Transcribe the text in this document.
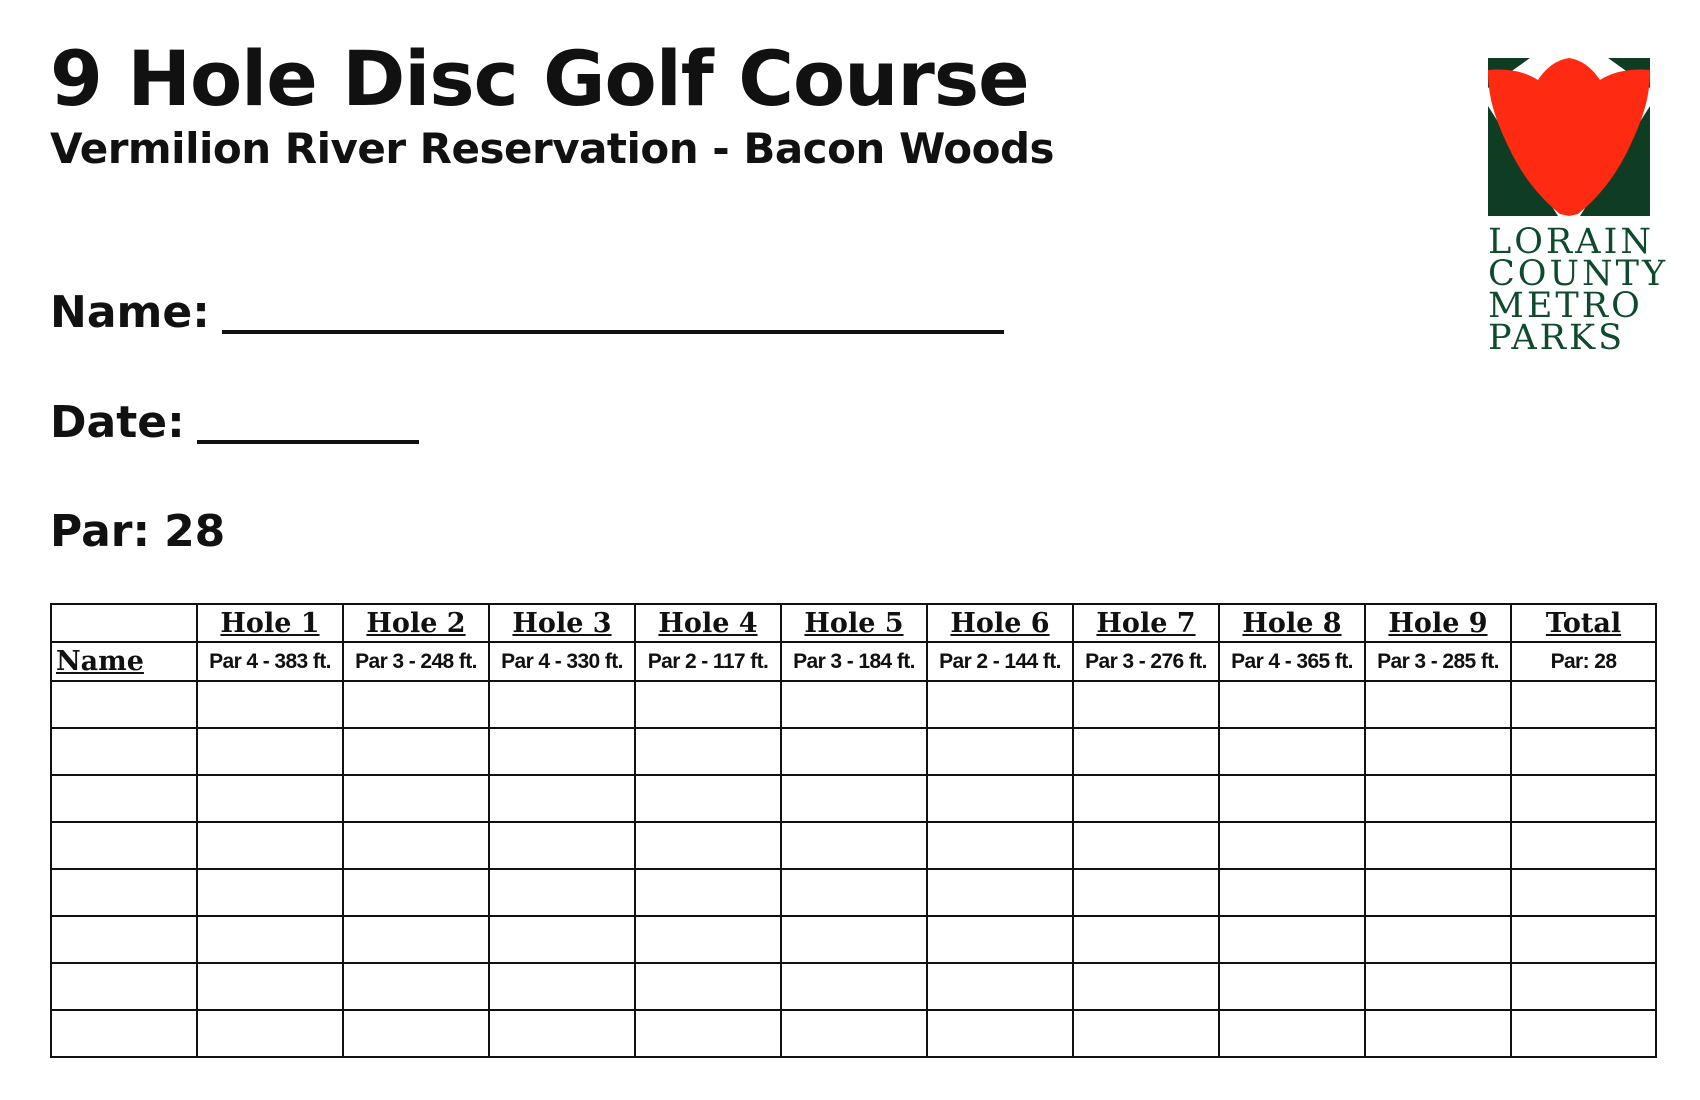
9 Hole Disc Golf Course
Vermilion River Reservation - Bacon Woods
Name:
Date:
Par: 28
LORAIN
COUNTY
METRO
PARKS
	Hole 1	Hole 2	Hole 3	Hole 4	Hole 5	Hole 6	Hole 7	Hole 8	Hole 9	Total
Name	Par 4 - 383 ft.	Par 3 - 248 ft.	Par 4 - 330 ft.	Par 2 - 117 ft.	Par 3 - 184 ft.	Par 2 - 144 ft.	Par 3 - 276 ft.	Par 4 - 365 ft.	Par 3 - 285 ft.	Par: 28
